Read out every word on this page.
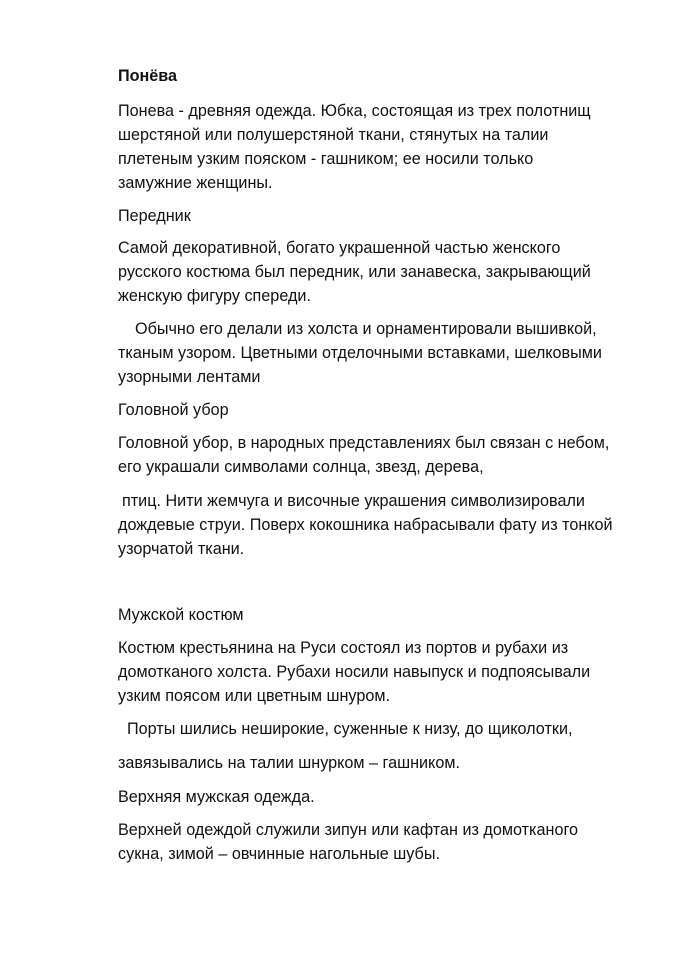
Понёва

Понева - древняя одежда. Юбка, состоящая из трех полотнищ

шерстяной или полушерстяной ткани, стянутых на талии

плетеным узким пояском - гашником; ее носили только

замужние женщины.

Передник

Самой декоративной, богато украшенной частью женского

русского костюма был передник, или занавеска, закрывающий

женскую фигуру спереди.

Обычно его делали из холста и орнаментировали вышивкой,

тканым узором. Цветными отделочными вставками, шелковыми

узорными лентами

Головной убор

Головной убор, в народных представлениях был связан с небом,

его украшали символами солнца, звезд, дерева,

птиц. Нити жемчуга и височные украшения символизировали

дождевые струи. Поверх кокошника набрасывали фату из тонкой

узорчатой ткани.

Мужской костюм

Костюм крестьянина на Руси состоял из портов и рубахи из

домотканого холста. Рубахи носили навыпуск и подпоясывали

узким поясом или цветным шнуром.

Порты шились неширокие, суженные к низу, до щиколотки,

завязывались на талии шнурком – гашником.

Верхняя мужская одежда.

Верхней одеждой служили зипун или кафтан из домотканого

сукна, зимой – овчинные нагольные шубы.
